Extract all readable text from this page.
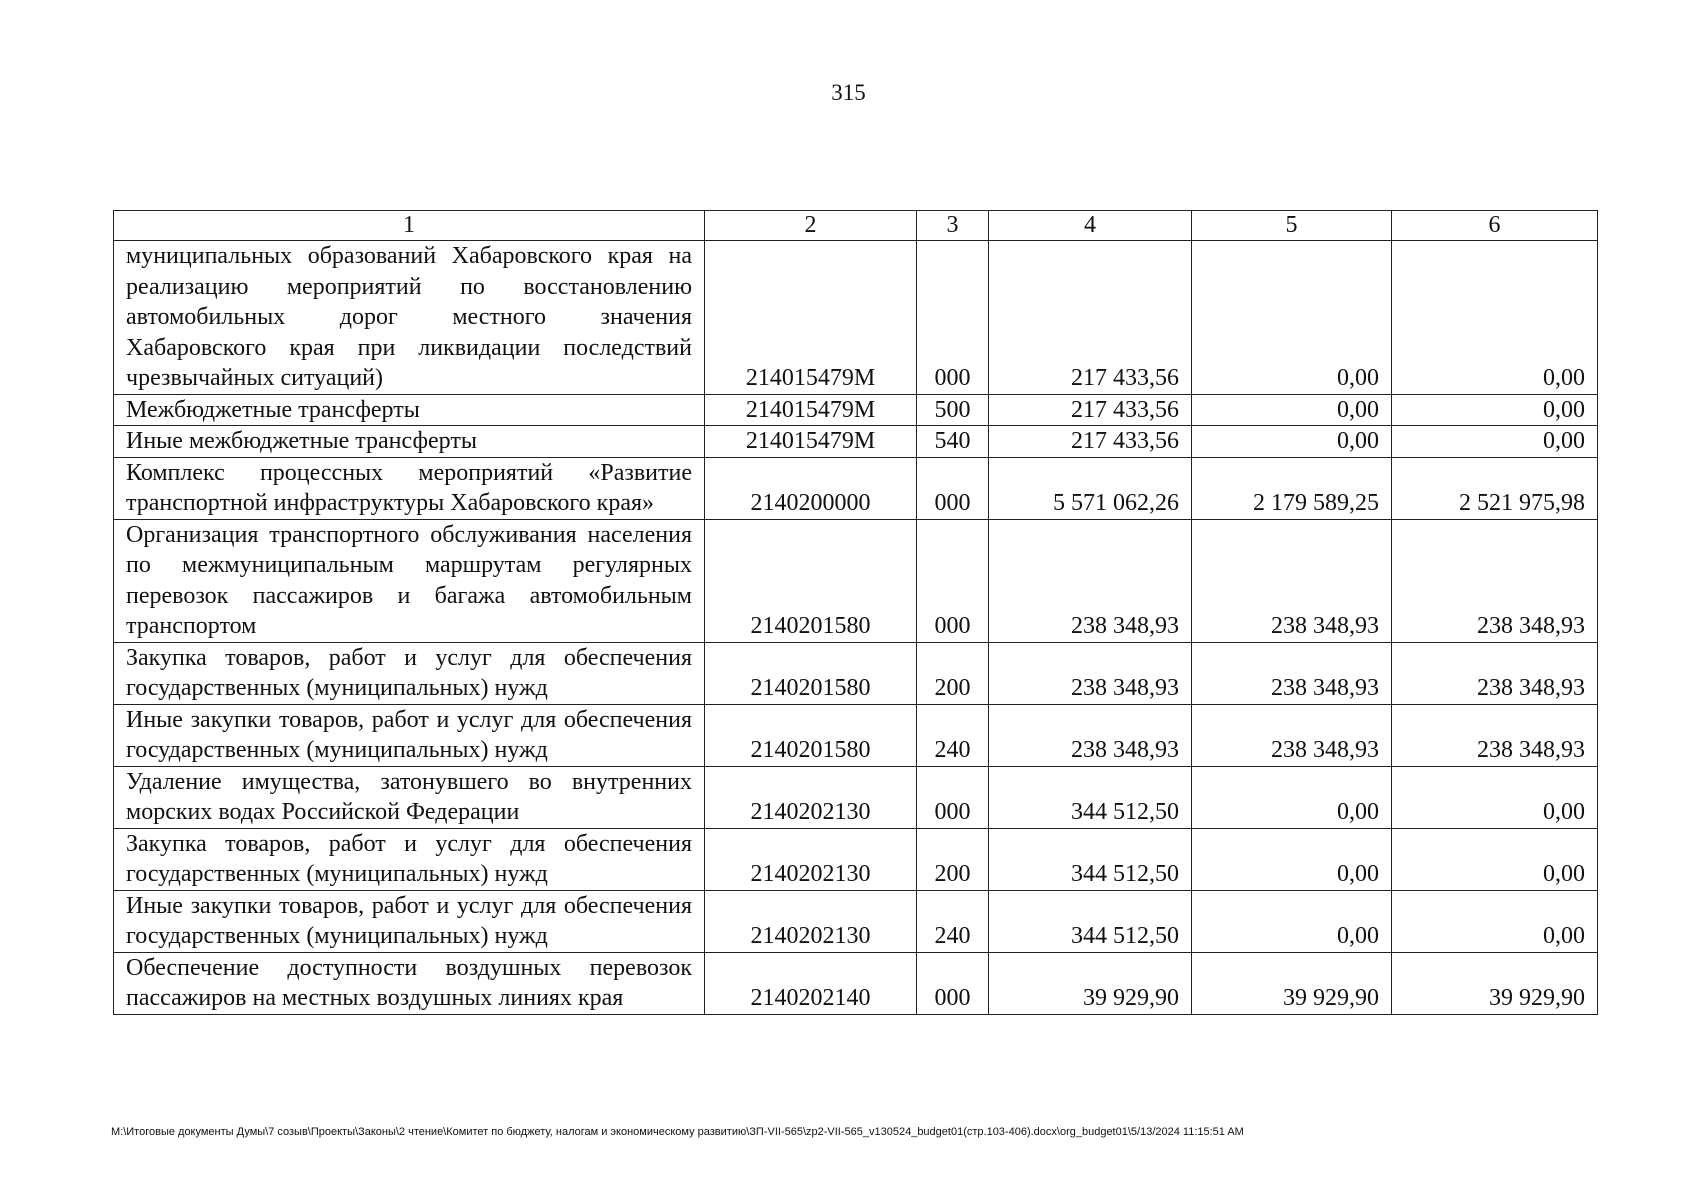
315
1	2	3	4	5	6
муниципальных образований Хабаровского края на реализацию мероприятий по восстановлению автомобильных дорог местного значения Хабаровского края при ликвидации последствий чрезвычайных ситуаций)	214015479М	000	217 433,56	0,00	0,00
Межбюджетные трансферты	214015479М	500	217 433,56	0,00	0,00
Иные межбюджетные трансферты	214015479М	540	217 433,56	0,00	0,00
Комплекс процессных мероприятий «Развитие транспортной инфраструктуры Хабаровского края»	2140200000	000	5 571 062,26	2 179 589,25	2 521 975,98
Организация транспортного обслуживания населения по межмуниципальным маршрутам регулярных перевозок пассажиров и багажа автомобильным транспортом	2140201580	000	238 348,93	238 348,93	238 348,93
Закупка товаров, работ и услуг для обеспечения государственных (муниципальных) нужд	2140201580	200	238 348,93	238 348,93	238 348,93
Иные закупки товаров, работ и услуг для обеспечения государственных (муниципальных) нужд	2140201580	240	238 348,93	238 348,93	238 348,93
Удаление имущества, затонувшего во внутренних морских водах Российской Федерации	2140202130	000	344 512,50	0,00	0,00
Закупка товаров, работ и услуг для обеспечения государственных (муниципальных) нужд	2140202130	200	344 512,50	0,00	0,00
Иные закупки товаров, работ и услуг для обеспечения государственных (муниципальных) нужд	2140202130	240	344 512,50	0,00	0,00
Обеспечение доступности воздушных перевозок пассажиров на местных воздушных линиях края	2140202140	000	39 929,90	39 929,90	39 929,90
M:\Итоговые документы Думы\7 созыв\Проекты\Законы\2 чтение\Комитет по бюджету, налогам и экономическому развитию\ЗП-VII-565\zp2-VII-565_v130524_budget01(стр.103-406).docx\org_budget01\5/13/2024 11:15:51 AM
